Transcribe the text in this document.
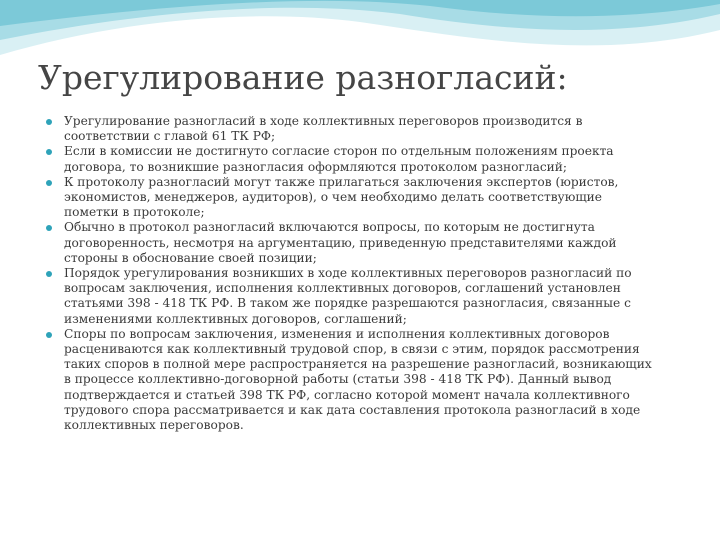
Урегулирование разногласий:
Урегулирование разногласий в ходе коллективных переговоров производится в соответствии с главой 61 ТК РФ;
Если в комиссии не достигнуто согласие сторон по отдельным положениям проекта договора, то возникшие разногласия оформляются протоколом разногласий;
К протоколу разногласий могут также прилагаться заключения экспертов (юристов, экономистов, менеджеров, аудиторов), о чем необходимо делать соответствующие пометки в протоколе;
Обычно в протокол разногласий включаются вопросы, по которым не достигнута договоренность, несмотря на аргументацию, приведенную представителями каждой стороны в обоснование своей позиции;
Порядок урегулирования возникших в ходе коллективных переговоров разногласий по вопросам заключения, исполнения коллективных договоров, соглашений установлен статьями 398 - 418 ТК РФ. В таком же порядке разрешаются разногласия, связанные с изменениями коллективных договоров, соглашений;
Споры по вопросам заключения, изменения и исполнения коллективных договоров расцениваются как коллективный трудовой спор, в связи с этим, порядок рассмотрения таких споров в полной мере распространяется на разрешение разногласий, возникающих в процессе коллективно-договорной работы (статьи 398 - 418 ТК РФ). Данный вывод подтверждается и статьей 398 ТК РФ, согласно которой момент начала коллективного трудового спора рассматривается и как дата составления протокола разногласий в ходе коллективных переговоров.
